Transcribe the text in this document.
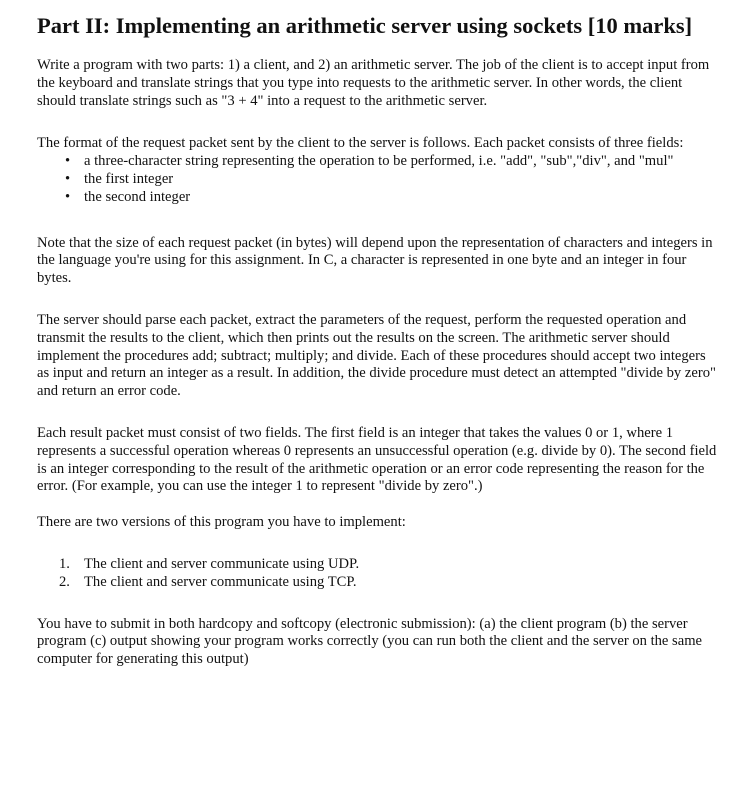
Part II: Implementing an arithmetic server using sockets [10 marks]

Write a program with two parts: 1) a client, and 2) an arithmetic server. The job of the client is to accept input from the keyboard and translate strings that you type into requests to the arithmetic server. In other words, the client should translate strings such as "3 + 4" into a request to the arithmetic server.

The format of the request packet sent by the client to the server is follows. Each packet consists of three fields:

• a three-character string representing the operation to be performed, i.e. "add", "sub","div", and "mul"
• the first integer
• the second integer

Note that the size of each request packet (in bytes) will depend upon the representation of characters and integers in the language you're using for this assignment. In C, a character is represented in one byte and an integer in four bytes.

The server should parse each packet, extract the parameters of the request, perform the requested operation and transmit the results to the client, which then prints out the results on the screen. The arithmetic server should implement the procedures add; subtract; multiply; and divide. Each of these procedures should accept two integers as input and return an integer as a result. In addition, the divide procedure must detect an attempted "divide by zero" and return an error code.

Each result packet must consist of two fields. The first field is an integer that takes the values 0 or 1, where 1 represents a successful operation whereas 0 represents an unsuccessful operation (e.g. divide by 0). The second field is an integer corresponding to the result of the arithmetic operation or an error code representing the reason for the error. (For example, you can use the integer 1 to represent "divide by zero".)

There are two versions of this program you have to implement:

1. The client and server communicate using UDP.
2. The client and server communicate using TCP.

You have to submit in both hardcopy and softcopy (electronic submission): (a) the client program (b) the server program (c) output showing your program works correctly (you can run both the client and the server on the same computer for generating this output)
